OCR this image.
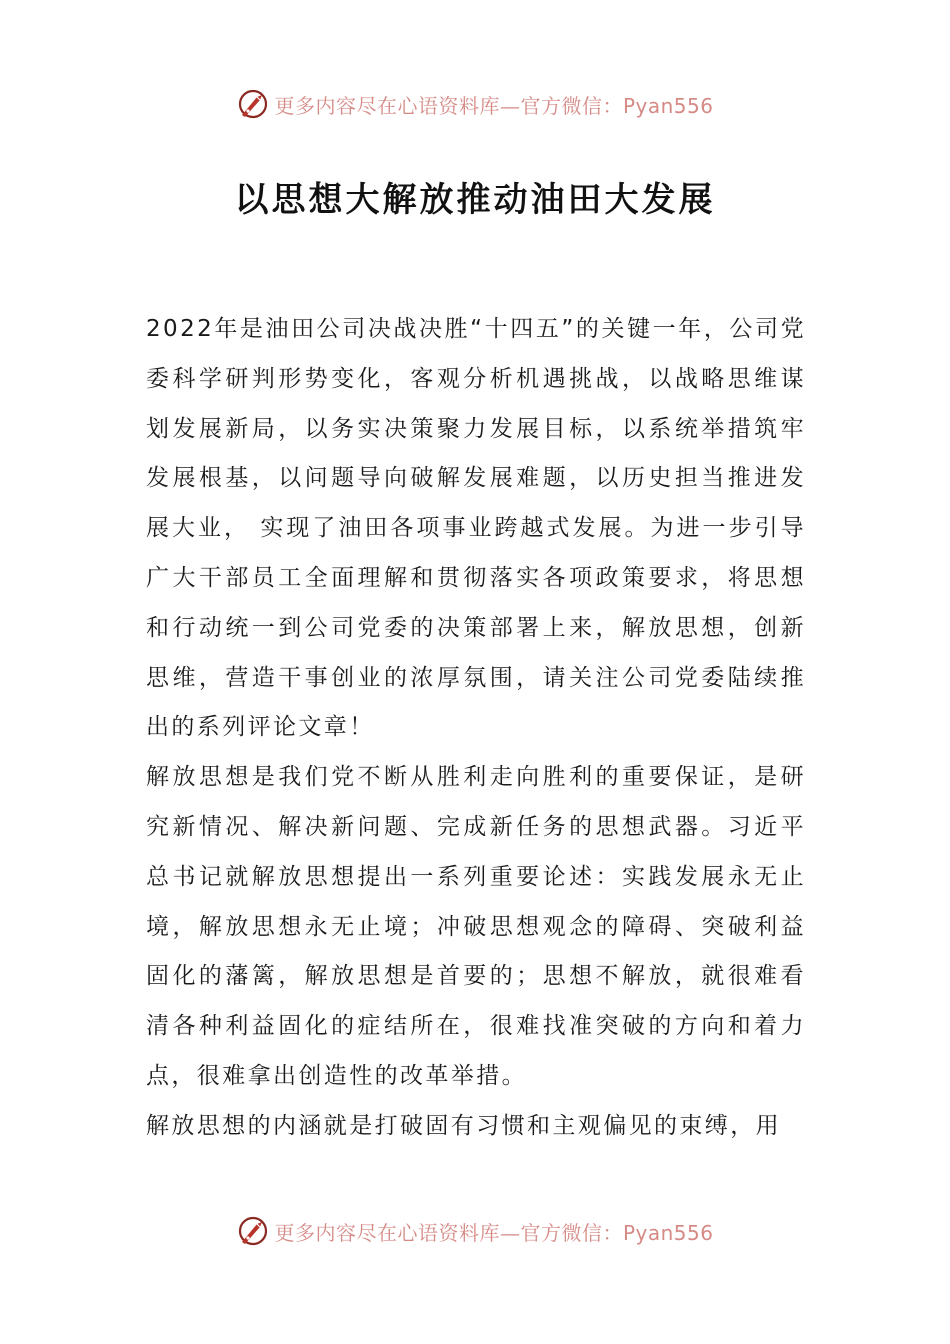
更多内容尽在心语资料库—官方微信：Pyan556
以思想大解放推动油田大发展

2022年是油田公司决战决胜“十四五”的关键一年，公司党委科学研判形势变化，客观分析机遇挑战，以战略思维谋划发展新局，以务实决策聚力发展目标，以系统举措筑牢发展根基，以问题导向破解发展难题，以历史担当推进发展大业， 实现了油田各项事业跨越式发展。为进一步引导广大干部员工全面理解和贯彻落实各项政策要求，将思想和行动统一到公司党委的决策部署上来，解放思想，创新思维，营造干事创业的浓厚氛围，请关注公司党委陆续推出的系列评论文章！

解放思想是我们党不断从胜利走向胜利的重要保证，是研究新情况、解决新问题、完成新任务的思想武器。习近平总书记就解放思想提出一系列重要论述：实践发展永无止境，解放思想永无止境；冲破思想观念的障碍、突破利益固化的藩篱，解放思想是首要的；思想不解放，就很难看清各种利益固化的症结所在，很难找准突破的方向和着力点，很难拿出创造性的改革举措。

解放思想的内涵就是打破固有习惯和主观偏见的束缚，用

更多内容尽在心语资料库—官方微信：Pyan556
